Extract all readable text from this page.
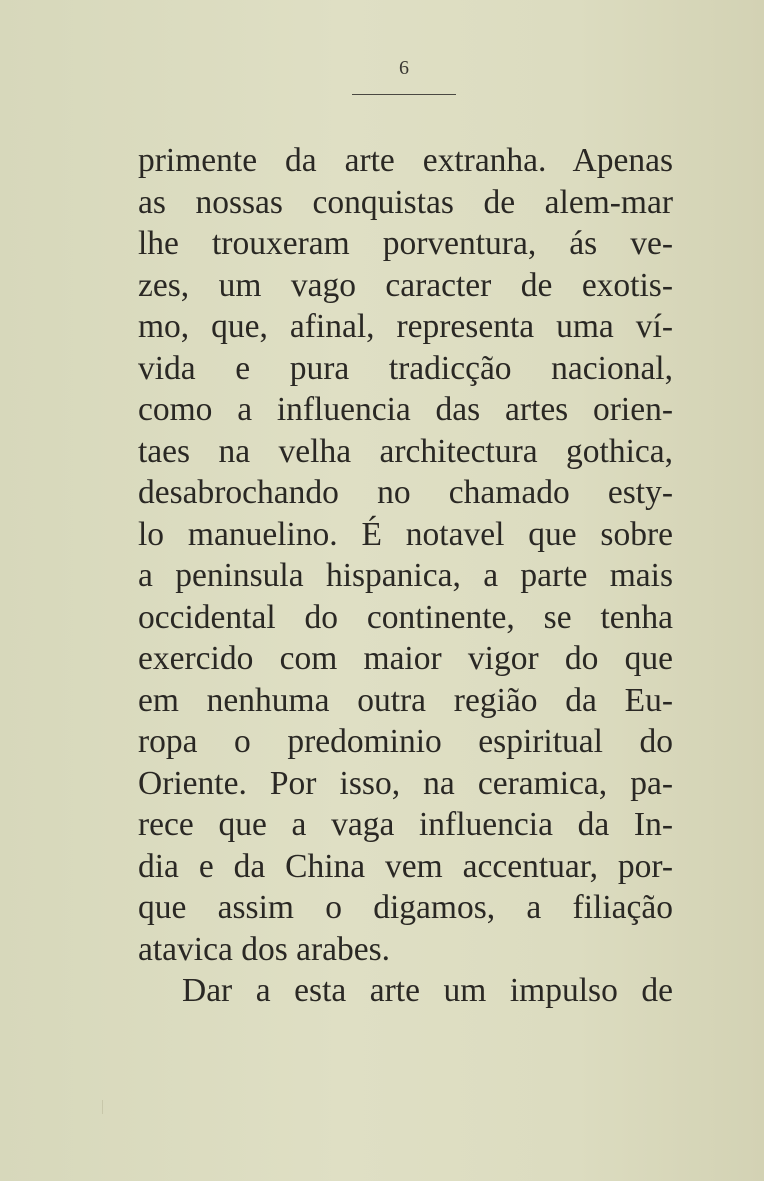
6
primente da arte extranha. Apenas
as nossas conquistas de alem-mar
lhe trouxeram porventura, ás ve-
zes, um vago caracter de exotis-
mo, que, afinal, representa uma ví-
vida e pura tradicção nacional,
como a influencia das artes orien-
taes na velha architectura gothica,
desabrochando no chamado esty-
lo manuelino. É notavel que sobre
a peninsula hispanica, a parte mais
occidental do continente, se tenha
exercido com maior vigor do que
em nenhuma outra região da Eu-
ropa o predominio espiritual do
Oriente. Por isso, na ceramica, pa-
rece que a vaga influencia da In-
dia e da China vem accentuar, por-
que assim o digamos, a filiação
atavica dos arabes.
Dar a esta arte um impulso de
